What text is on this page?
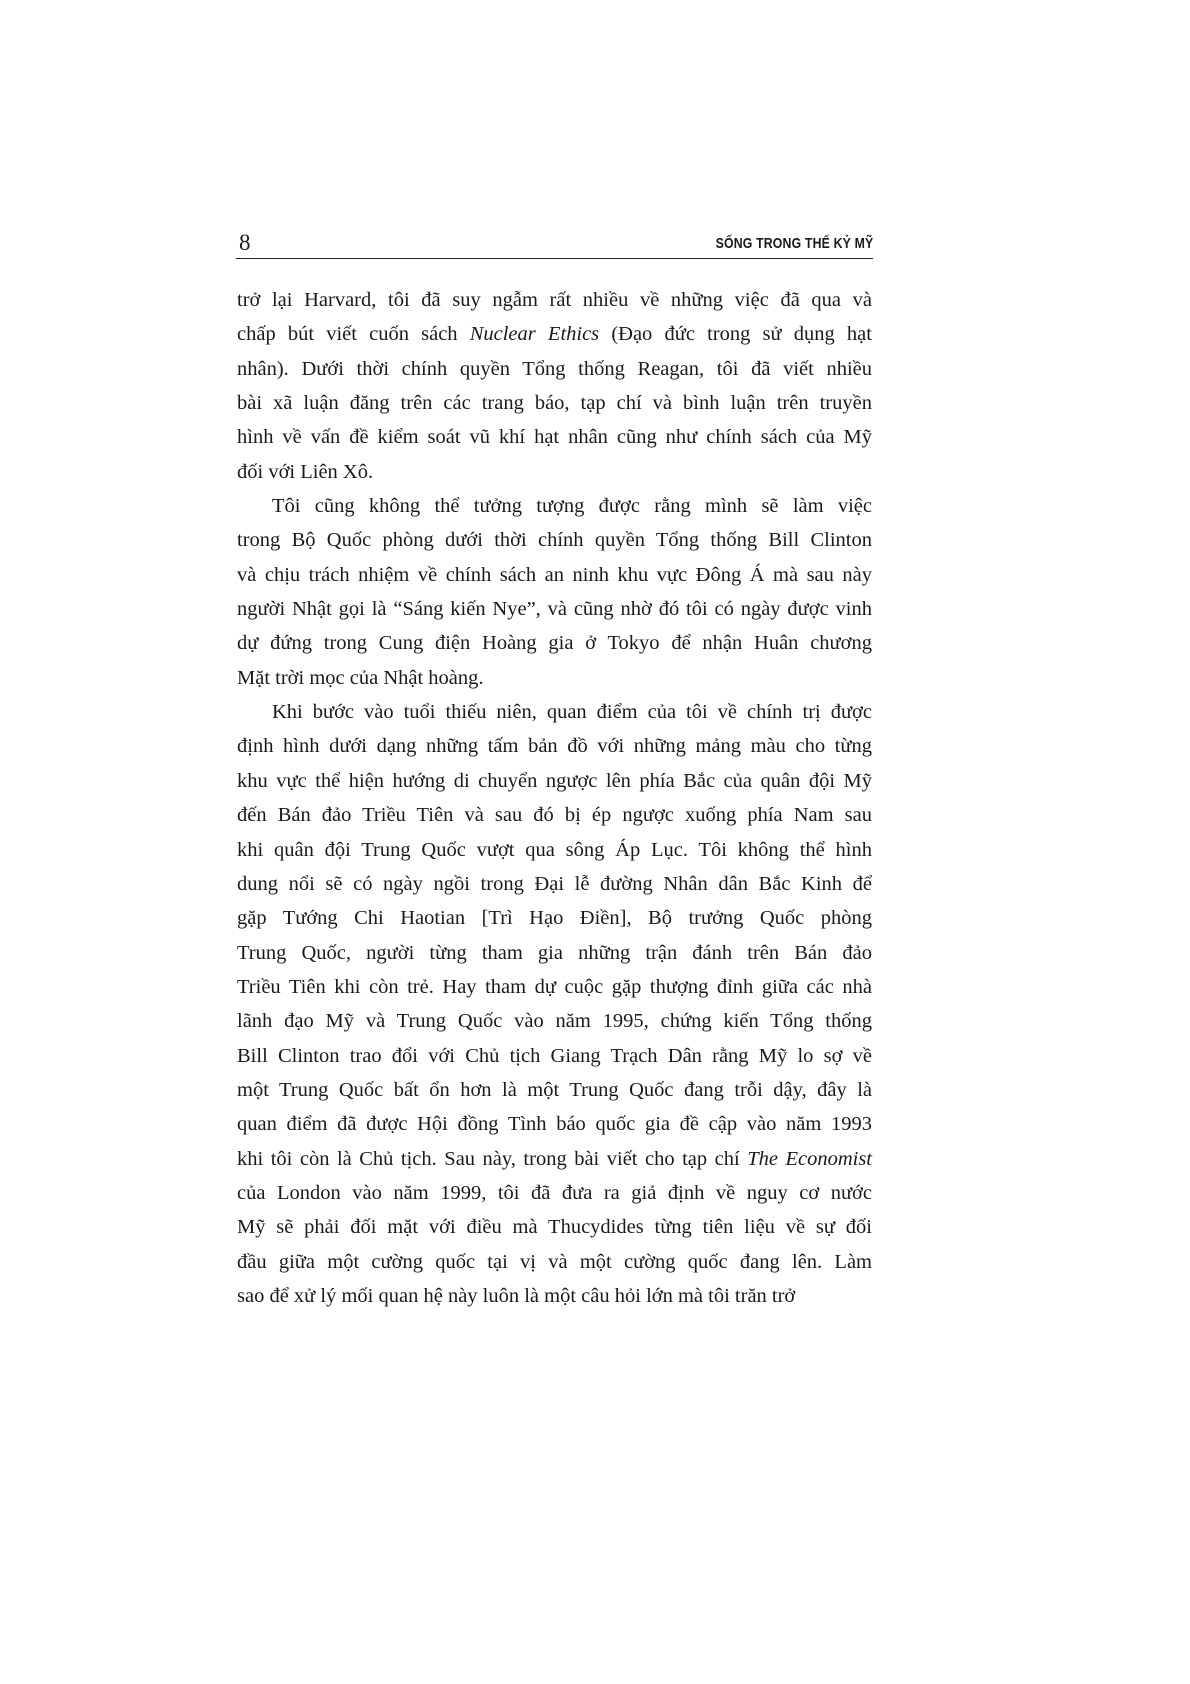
8	SỐNG TRONG THẾ KỶ MỸ
trở lại Harvard, tôi đã suy ngẫm rất nhiều về những việc đã qua và
chấp bút viết cuốn sách Nuclear Ethics (Đạo đức trong sử dụng hạt
nhân). Dưới thời chính quyền Tổng thống Reagan, tôi đã viết nhiều
bài xã luận đăng trên các trang báo, tạp chí và bình luận trên truyền
hình về vấn đề kiểm soát vũ khí hạt nhân cũng như chính sách của Mỹ
đối với Liên Xô.
Tôi cũng không thể tưởng tượng được rằng mình sẽ làm việc
trong Bộ Quốc phòng dưới thời chính quyền Tổng thống Bill Clinton
và chịu trách nhiệm về chính sách an ninh khu vực Đông Á mà sau này
người Nhật gọi là “Sáng kiến Nye”, và cũng nhờ đó tôi có ngày được vinh
dự đứng trong Cung điện Hoàng gia ở Tokyo để nhận Huân chương
Mặt trời mọc của Nhật hoàng.
Khi bước vào tuổi thiếu niên, quan điểm của tôi về chính trị được
định hình dưới dạng những tấm bản đồ với những mảng màu cho từng
khu vực thể hiện hướng di chuyển ngược lên phía Bắc của quân đội Mỹ
đến Bán đảo Triều Tiên và sau đó bị ép ngược xuống phía Nam sau
khi quân đội Trung Quốc vượt qua sông Áp Lục. Tôi không thể hình
dung nổi sẽ có ngày ngồi trong Đại lễ đường Nhân dân Bắc Kinh để
gặp Tướng Chi Haotian [Trì Hạo Điền], Bộ trưởng Quốc phòng
Trung Quốc, người từng tham gia những trận đánh trên Bán đảo
Triều Tiên khi còn trẻ. Hay tham dự cuộc gặp thượng đỉnh giữa các nhà
lãnh đạo Mỹ và Trung Quốc vào năm 1995, chứng kiến Tổng thống
Bill Clinton trao đổi với Chủ tịch Giang Trạch Dân rằng Mỹ lo sợ về
một Trung Quốc bất ổn hơn là một Trung Quốc đang trỗi dậy, đây là
quan điểm đã được Hội đồng Tình báo quốc gia đề cập vào năm 1993
khi tôi còn là Chủ tịch. Sau này, trong bài viết cho tạp chí The Economist
của London vào năm 1999, tôi đã đưa ra giả định về nguy cơ nước
Mỹ sẽ phải đối mặt với điều mà Thucydides từng tiên liệu về sự đối
đầu giữa một cường quốc tại vị và một cường quốc đang lên. Làm
sao để xử lý mối quan hệ này luôn là một câu hỏi lớn mà tôi trăn trở
